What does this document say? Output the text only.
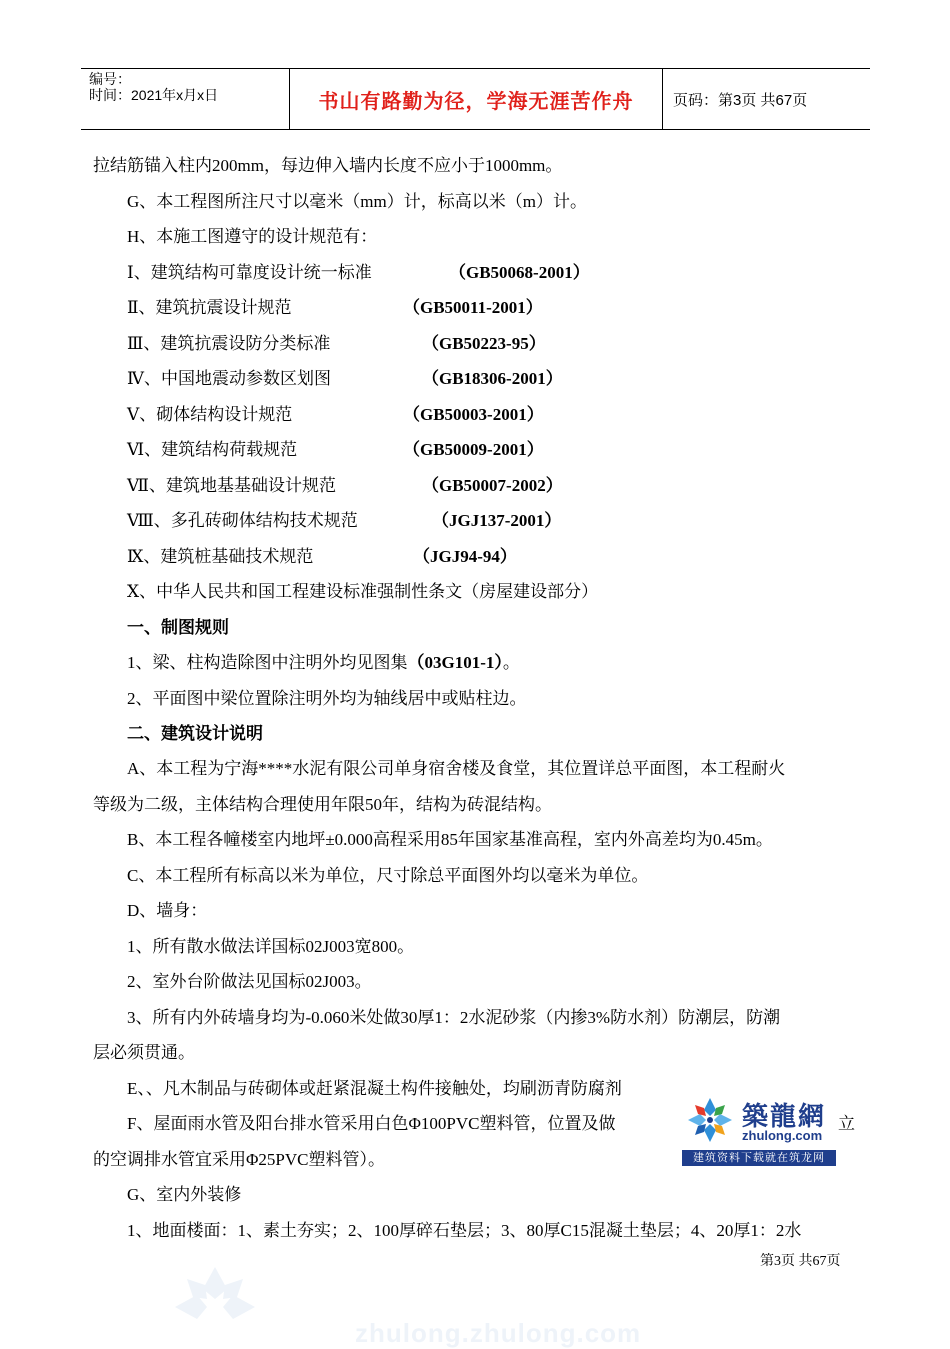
编号：
时间：2021年x月x日	书山有路勤为径，学海无涯苦作舟	页码：第3页 共67页
拉结筋锚入柱内200mm，每边伸入墙内长度不应小于1000mm。
G、本工程图所注尺寸以毫米（mm）计，标高以米（m）计。
H、本施工图遵守的设计规范有：
Ⅰ、建筑结构可靠度设计统一标准	（GB50068-2001）
Ⅱ、建筑抗震设计规范	（GB50011-2001）
Ⅲ、建筑抗震设防分类标准	（GB50223-95）
Ⅳ、中国地震动参数区划图	（GB18306-2001）
Ⅴ、砌体结构设计规范	（GB50003-2001）
Ⅵ、建筑结构荷载规范	（GB50009-2001）
Ⅶ、建筑地基基础设计规范	（GB50007-2002）
Ⅷ、多孔砖砌体结构技术规范	（JGJ137-2001）
Ⅸ、建筑桩基础技术规范	（JGJ94-94）
Ⅹ、中华人民共和国工程建设标准强制性条文（房屋建设部分）
一、制图规则
1、梁、柱构造除图中注明外均见图集（03G101-1）。
2、平面图中梁位置除注明外均为轴线居中或贴柱边。
二、建筑设计说明
A、本工程为宁海****水泥有限公司单身宿舍楼及食堂，其位置详总平面图，本工程耐火
等级为二级，主体结构合理使用年限50年，结构为砖混结构。
B、本工程各幢楼室内地坪±0.000高程采用85年国家基准高程，室内外高差均为0.45m。
C、本工程所有标高以米为单位，尺寸除总平面图外均以毫米为单位。
D、墙身：
1、所有散水做法详国标02J003宽800。
2、室外台阶做法见国标02J003。
3、所有内外砖墙身均为-0.060米处做30厚1：2水泥砂浆（内掺3%防水剂）防潮层，防潮
层必须贯通。
E、、凡木制品与砖砌体或赶紧混凝土构件接触处，均刷沥青防腐剂
F、屋面雨水管及阳台排水管采用白色Φ100PVC塑料管，位置及做	立
的空调排水管宜采用Φ25PVC塑料管）。
G、室内外装修
1、地面楼面：1、素土夯实；2、100厚碎石垫层；3、80厚C15混凝土垫层；4、20厚1：2水
築龍網
zhulong.com
建筑资料下载就在筑龙网
第3页 共67页
zhulong.zhulong.com
